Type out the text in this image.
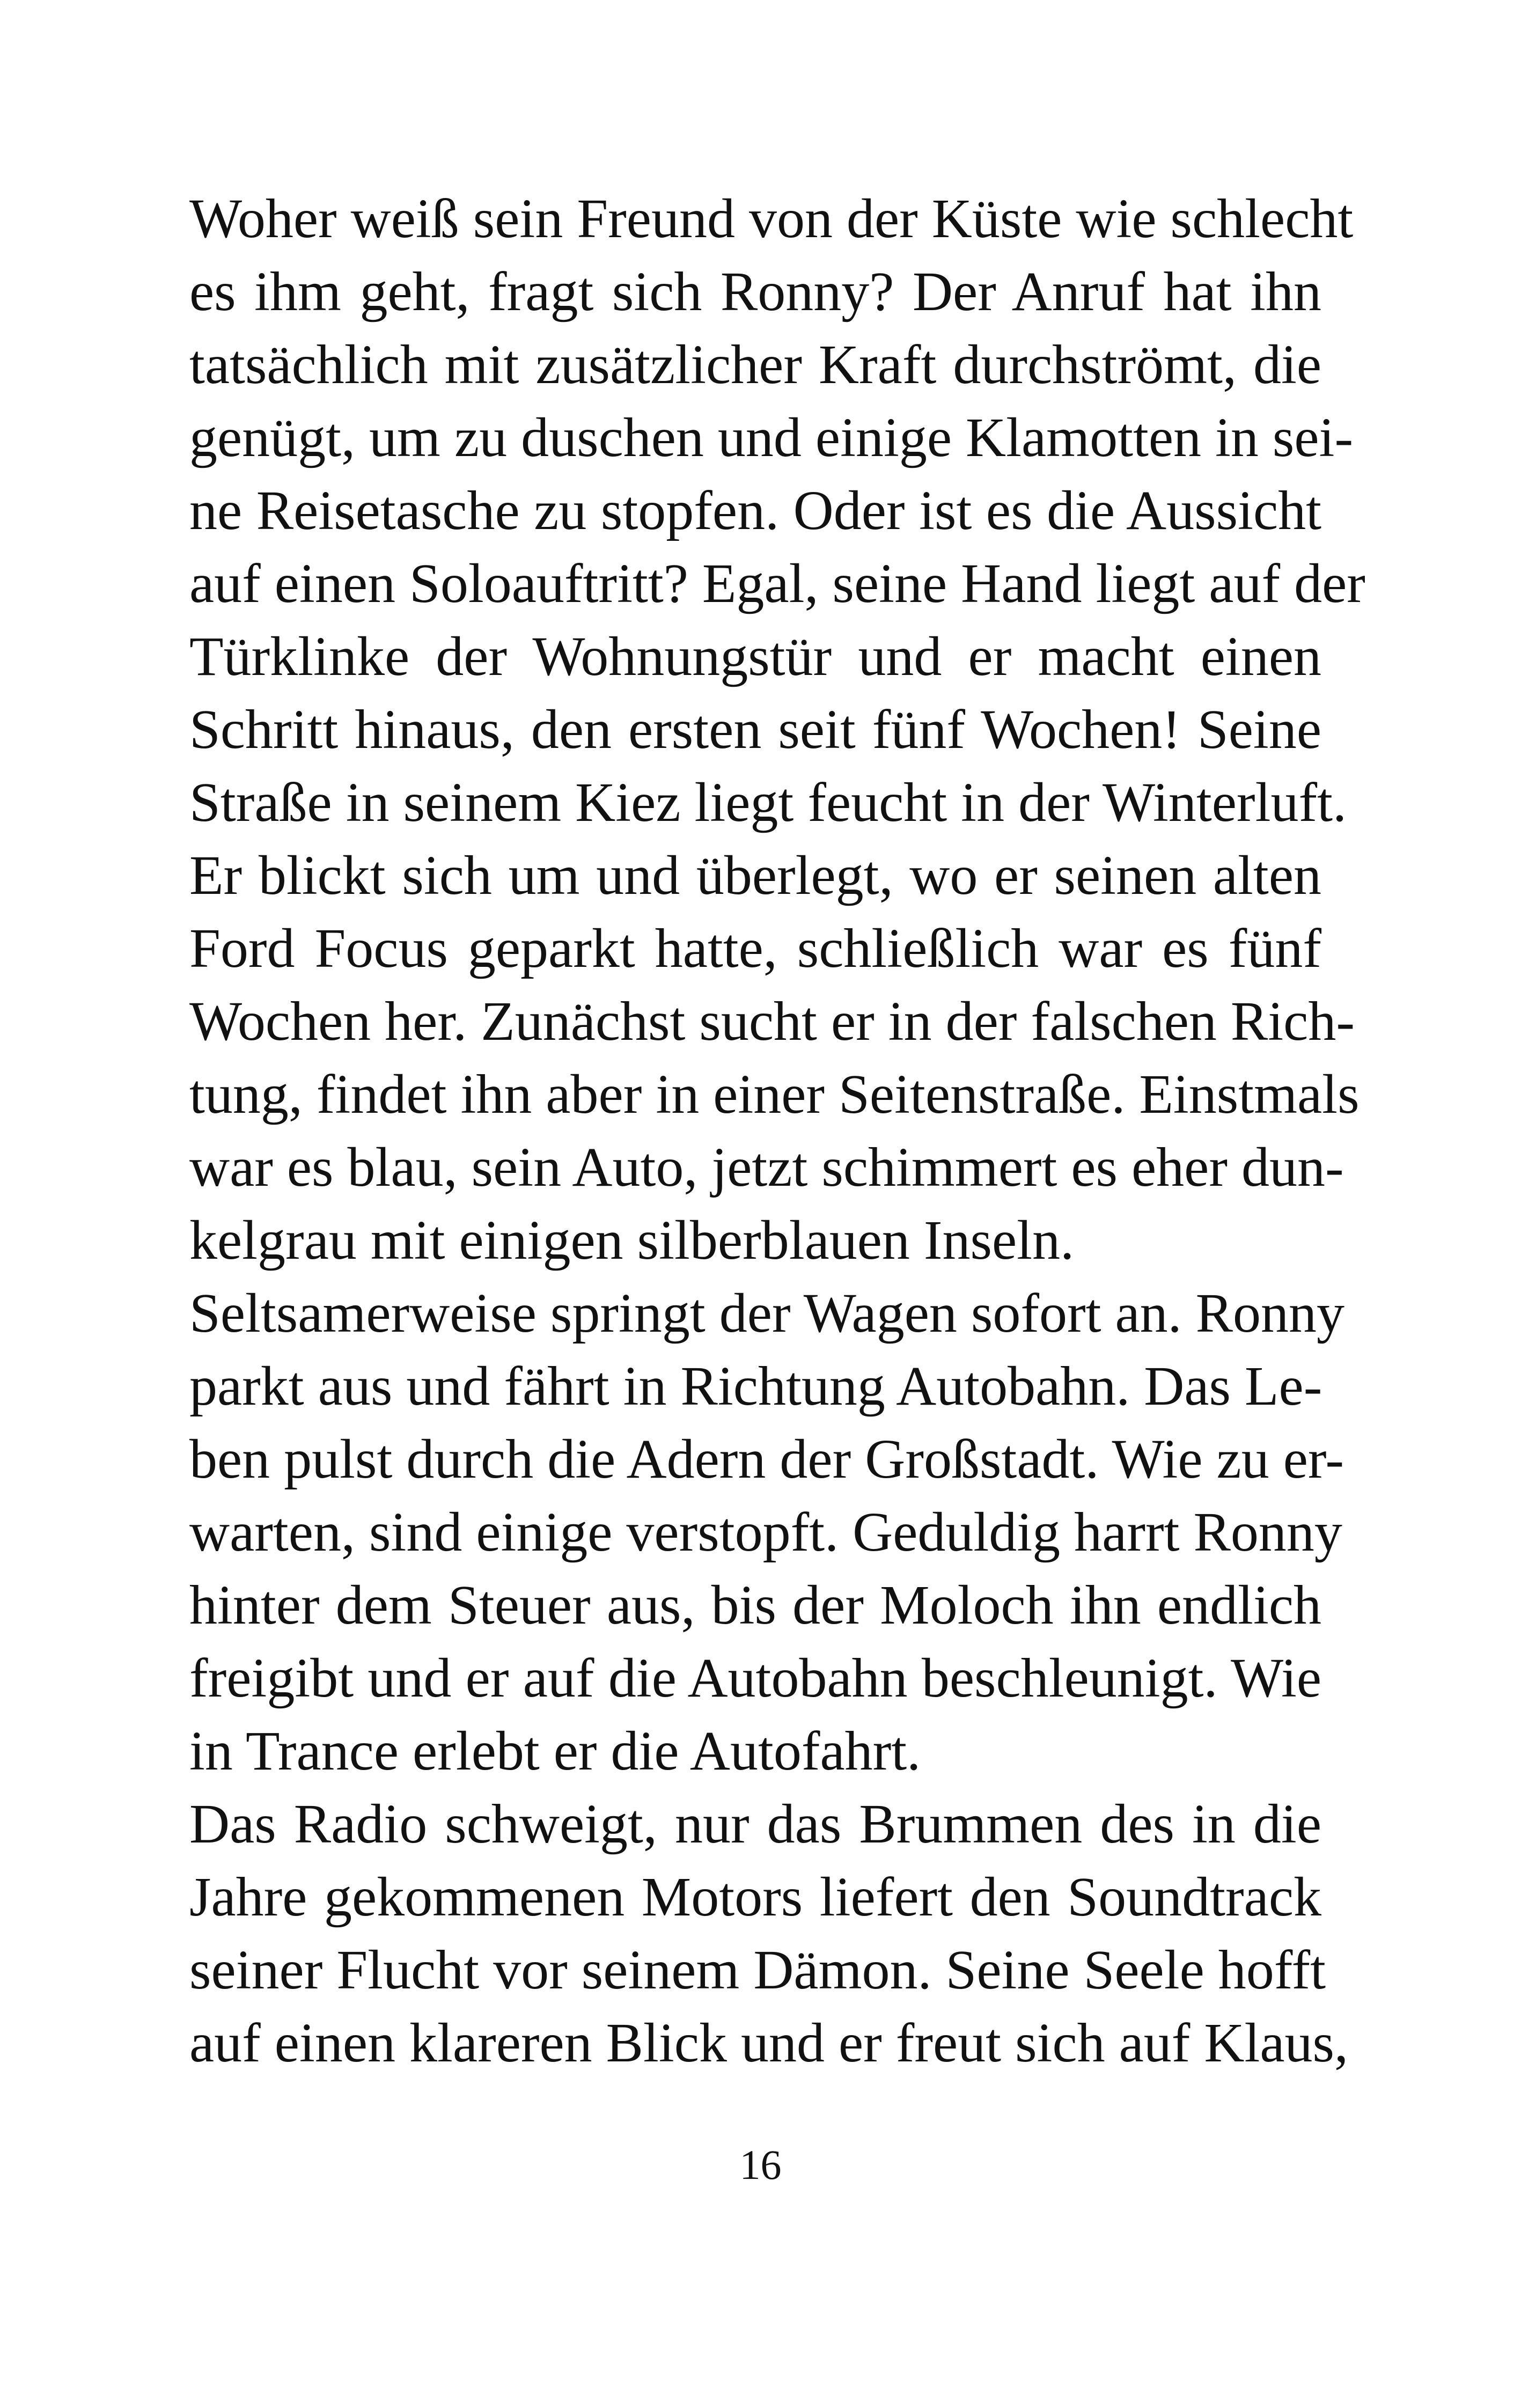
Woher weiß sein Freund von der Küste wie schlecht
es ihm geht, fragt sich Ronny? Der Anruf hat ihn
tatsächlich mit zusätzlicher Kraft durchströmt, die
genügt, um zu duschen und einige Klamotten in sei-
ne Reisetasche zu stopfen. Oder ist es die Aussicht
auf einen Soloauftritt? Egal, seine Hand liegt auf der
Türklinke der Wohnungstür und er macht einen
Schritt hinaus, den ersten seit fünf Wochen! Seine
Straße in seinem Kiez liegt feucht in der Winterluft.
Er blickt sich um und überlegt, wo er seinen alten
Ford Focus geparkt hatte, schließlich war es fünf
Wochen her. Zunächst sucht er in der falschen Rich-
tung, findet ihn aber in einer Seitenstraße. Einstmals
war es blau, sein Auto, jetzt schimmert es eher dun-
kelgrau mit einigen silberblauen Inseln.
Seltsamerweise springt der Wagen sofort an. Ronny
parkt aus und fährt in Richtung Autobahn. Das Le-
ben pulst durch die Adern der Großstadt. Wie zu er-
warten, sind einige verstopft. Geduldig harrt Ronny
hinter dem Steuer aus, bis der Moloch ihn endlich
freigibt und er auf die Autobahn beschleunigt. Wie
in Trance erlebt er die Autofahrt.
Das Radio schweigt, nur das Brummen des in die
Jahre gekommenen Motors liefert den Soundtrack
seiner Flucht vor seinem Dämon. Seine Seele hofft
auf einen klareren Blick und er freut sich auf Klaus,
16
